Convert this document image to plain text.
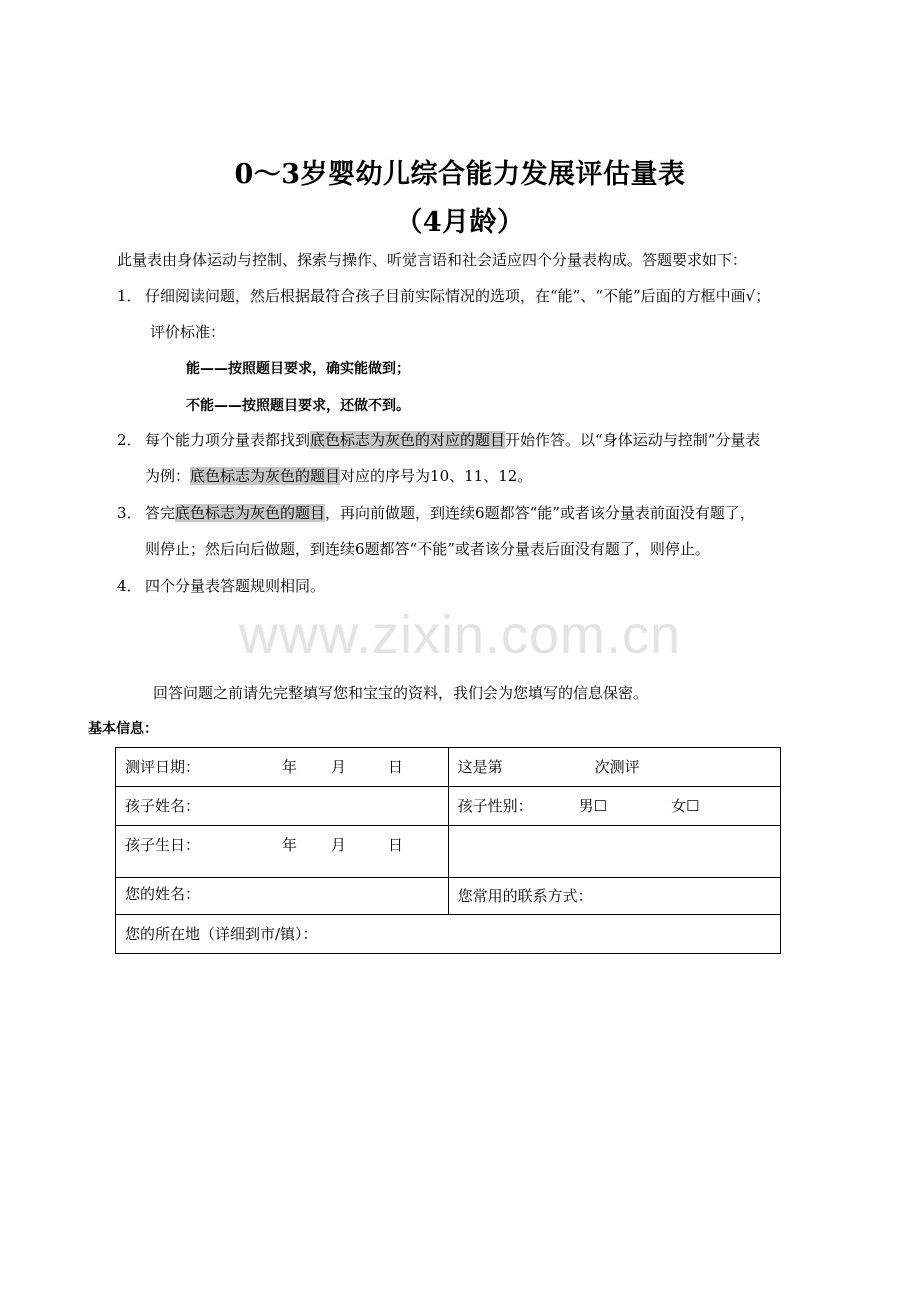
0～3岁婴幼儿综合能力发展评估量表
（4月龄）
此量表由身体运动与控制、探索与操作、听觉言语和社会适应四个分量表构成。答题要求如下：
1． 仔细阅读问题，然后根据最符合孩子目前实际情况的选项，在“能”、“不能”后面的方框中画√；
评价标准：
能——按照题目要求，确实能做到；
不能——按照题目要求，还做不到。
2． 每个能力项分量表都找到底色标志为灰色的对应的题目开始作答。以“身体运动与控制”分量表
为例：底色标志为灰色的题目对应的序号为10、11、12。
3． 答完底色标志为灰色的题目，再向前做题，到连续6题都答“能”或者该分量表前面没有题了，
则停止；然后向后做题，到连续6题都答“不能”或者该分量表后面没有题了，则停止。
4． 四个分量表答题规则相同。
www.zixin.com.cn
回答问题之前请先完整填写您和宝宝的资料，我们会为您填写的信息保密。
基本信息：
测评日期： 年 月 日	这是第 次测评
孩子姓名：	孩子性别： 男☐ 女☐
孩子生日： 年 月 日	
您的姓名：	您常用的联系方式：
您的所在地（详细到市/镇）：	
